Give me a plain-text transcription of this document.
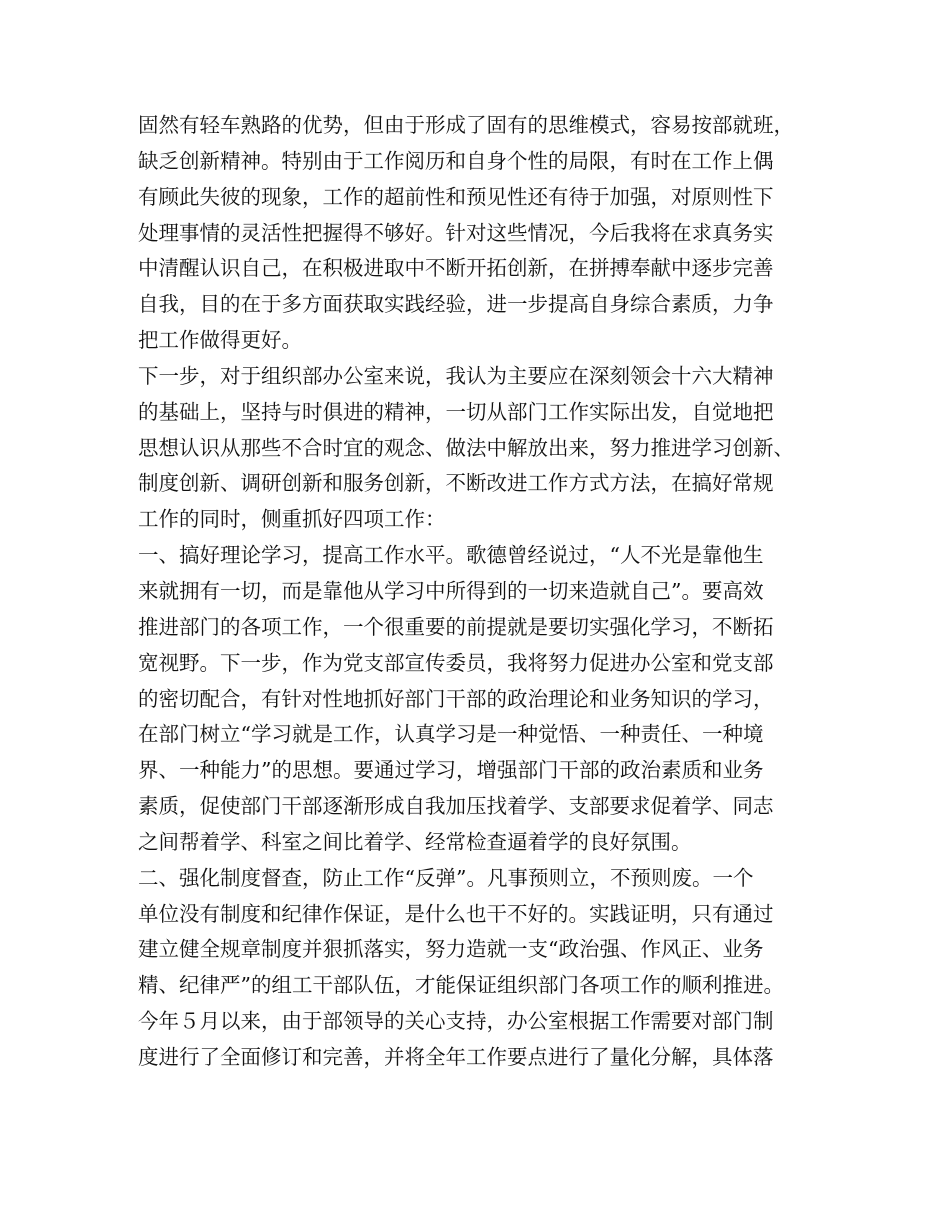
固然有轻车熟路的优势，但由于形成了固有的思维模式，容易按部就班，
缺乏创新精神。特别由于工作阅历和自身个性的局限，有时在工作上偶
有顾此失彼的现象，工作的超前性和预见性还有待于加强，对原则性下
处理事情的灵活性把握得不够好。针对这些情况，今后我将在求真务实
中清醒认识自己，在积极进取中不断开拓创新，在拼搏奉献中逐步完善
自我，目的在于多方面获取实践经验，进一步提高自身综合素质，力争
把工作做得更好。
下一步，对于组织部办公室来说，我认为主要应在深刻领会十六大精神
的基础上，坚持与时俱进的精神，一切从部门工作实际出发，自觉地把
思想认识从那些不合时宜的观念、做法中解放出来，努力推进学习创新、
制度创新、调研创新和服务创新，不断改进工作方式方法，在搞好常规
工作的同时，侧重抓好四项工作：
一、搞好理论学习，提高工作水平。歌德曾经说过，“人不光是靠他生
来就拥有一切，而是靠他从学习中所得到的一切来造就自己”。要高效
推进部门的各项工作，一个很重要的前提就是要切实强化学习，不断拓
宽视野。下一步，作为党支部宣传委员，我将努力促进办公室和党支部
的密切配合，有针对性地抓好部门干部的政治理论和业务知识的学习，
在部门树立“学习就是工作，认真学习是一种觉悟、一种责任、一种境
界、一种能力”的思想。要通过学习，增强部门干部的政治素质和业务
素质，促使部门干部逐渐形成自我加压找着学、支部要求促着学、同志
之间帮着学、科室之间比着学、经常检查逼着学的良好氛围。
二、强化制度督查，防止工作“反弹”。凡事预则立，不预则废。一个
单位没有制度和纪律作保证，是什么也干不好的。实践证明，只有通过
建立健全规章制度并狠抓落实，努力造就一支“政治强、作风正、业务
精、纪律严”的组工干部队伍，才能保证组织部门各项工作的顺利推进。
今年５月以来，由于部领导的关心支持，办公室根据工作需要对部门制
度进行了全面修订和完善，并将全年工作要点进行了量化分解，具体落
